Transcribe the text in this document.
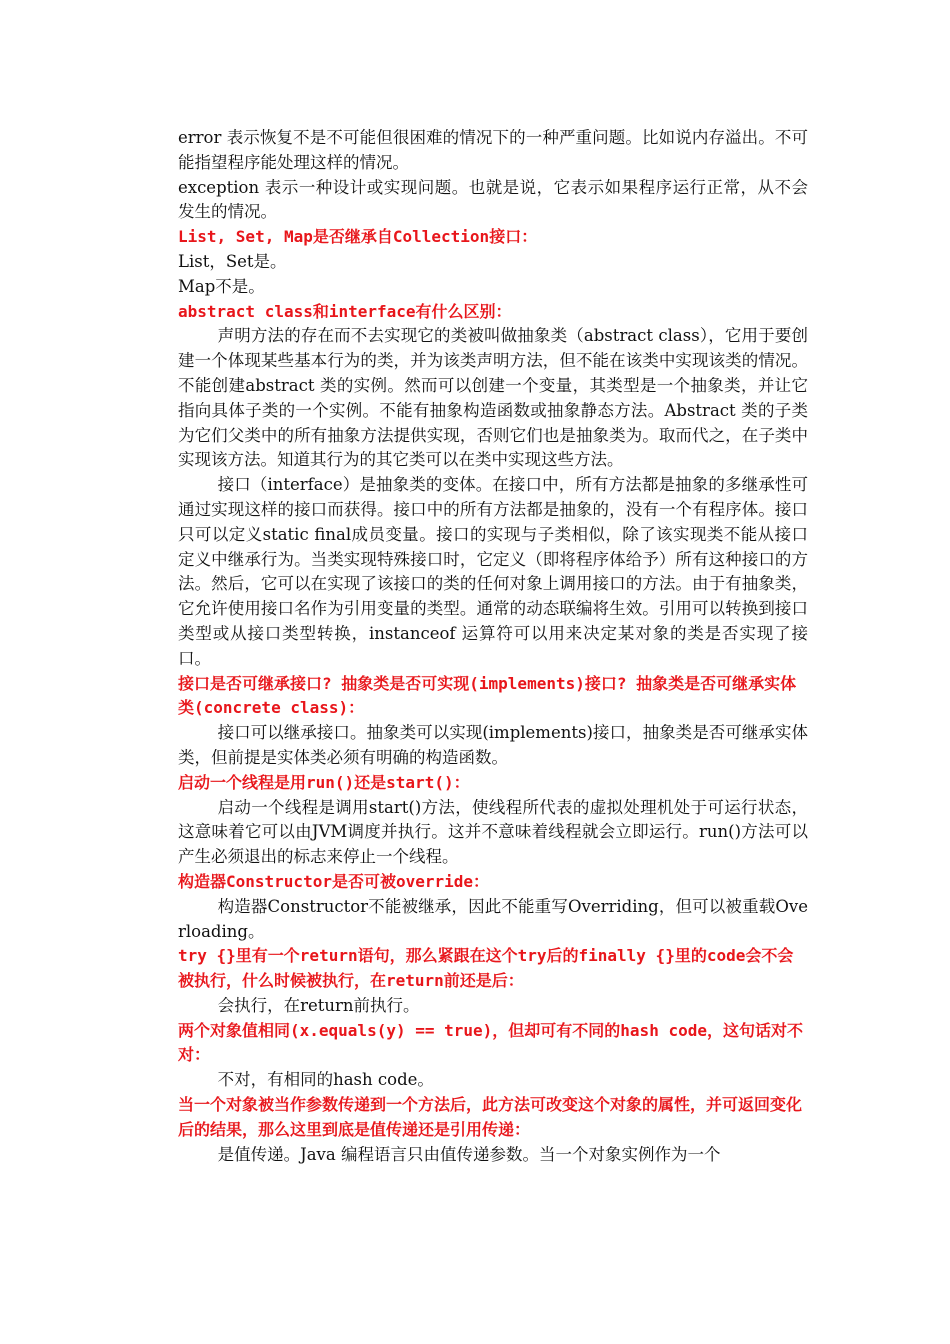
error 表示恢复不是不可能但很困难的情况下的一种严重问题。比如说内存溢出。不可能指望程序能处理这样的情况。

exception 表示一种设计或实现问题。也就是说，它表示如果程序运行正常，从不会发生的情况。

List, Set, Map是否继承自Collection接口：

List，Set是。

Map不是。

abstract class和interface有什么区别：

声明方法的存在而不去实现它的类被叫做抽象类（abstract class），它用于要创建一个体现某些基本行为的类，并为该类声明方法，但不能在该类中实现该类的情况。不能创建abstract 类的实例。然而可以创建一个变量，其类型是一个抽象类，并让它指向具体子类的一个实例。不能有抽象构造函数或抽象静态方法。Abstract 类的子类为它们父类中的所有抽象方法提供实现，否则它们也是抽象类为。取而代之，在子类中实现该方法。知道其行为的其它类可以在类中实现这些方法。

接口（interface）是抽象类的变体。在接口中，所有方法都是抽象的多继承性可通过实现这样的接口而获得。接口中的所有方法都是抽象的，没有一个有程序体。接口只可以定义static final成员变量。接口的实现与子类相似，除了该实现类不能从接口定义中继承行为。当类实现特殊接口时，它定义（即将程序体给予）所有这种接口的方法。然后，它可以在实现了该接口的类的任何对象上调用接口的方法。由于有抽象类，它允许使用接口名作为引用变量的类型。通常的动态联编将生效。引用可以转换到接口类型或从接口类型转换，instanceof 运算符可以用来决定某对象的类是否实现了接口。

接口是否可继承接口? 抽象类是否可实现(implements)接口? 抽象类是否可继承实体类(concrete class)：

接口可以继承接口。抽象类可以实现(implements)接口，抽象类是否可继承实体类，但前提是实体类必须有明确的构造函数。

启动一个线程是用run()还是start()：

启动一个线程是调用start()方法，使线程所代表的虚拟处理机处于可运行状态，这意味着它可以由JVM调度并执行。这并不意味着线程就会立即运行。run()方法可以产生必须退出的标志来停止一个线程。

构造器Constructor是否可被override：

构造器Constructor不能被继承，因此不能重写Overriding，但可以被重载Overloading。

try {}里有一个return语句，那么紧跟在这个try后的finally {}里的code会不会被执行，什么时候被执行，在return前还是后：

会执行，在return前执行。

两个对象值相同(x.equals(y) == true)，但却可有不同的hash code，这句话对不对：

不对，有相同的hash code。

当一个对象被当作参数传递到一个方法后，此方法可改变这个对象的属性，并可返回变化后的结果，那么这里到底是值传递还是引用传递：

是值传递。Java 编程语言只由值传递参数。当一个对象实例作为一个
